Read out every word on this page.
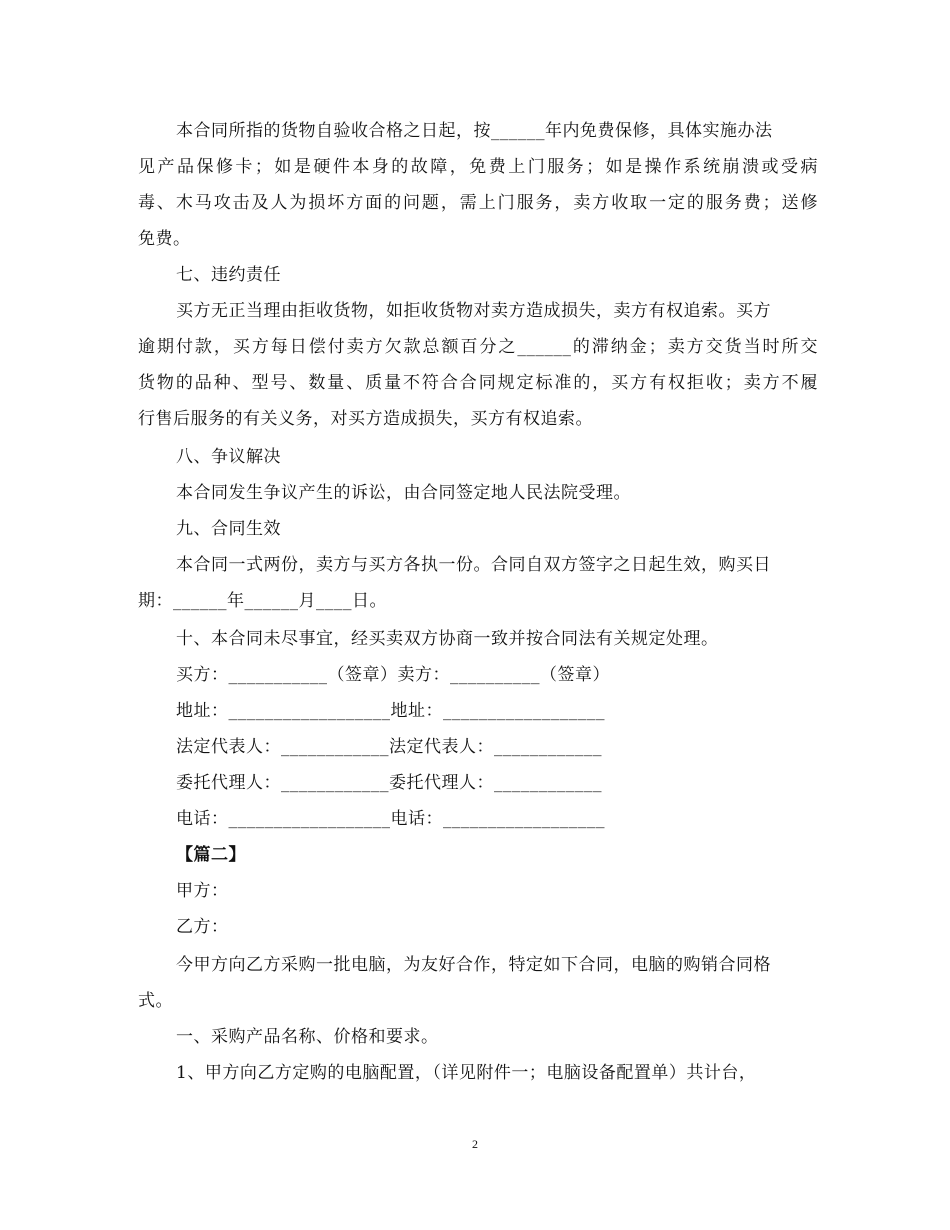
本合同所指的货物自验收合格之日起，按______年内免费保修，具体实施办法
见产品保修卡；如是硬件本身的故障，免费上门服务；如是操作系统崩溃或受病
毒、木马攻击及人为损坏方面的问题，需上门服务，卖方收取一定的服务费；送修
免费。
七、违约责任
买方无正当理由拒收货物，如拒收货物对卖方造成损失，卖方有权追索。买方
逾期付款，买方每日偿付卖方欠款总额百分之______的滞纳金；卖方交货当时所交
货物的品种、型号、数量、质量不符合合同规定标准的，买方有权拒收；卖方不履
行售后服务的有关义务，对买方造成损失，买方有权追索。
八、争议解决
本合同发生争议产生的诉讼，由合同签定地人民法院受理。
九、合同生效
本合同一式两份，卖方与买方各执一份。合同自双方签字之日起生效，购买日
期：______年______月____日。
十、本合同未尽事宜，经买卖双方协商一致并按合同法有关规定处理。
买方：___________（签章）卖方：__________（签章）
地址：__________________地址：__________________
法定代表人：____________法定代表人：____________
委托代理人：____________委托代理人：____________
电话：__________________电话：__________________
【篇二】
甲方：
乙方：
今甲方向乙方采购一批电脑，为友好合作，特定如下合同，电脑的购销合同格
式。
一、采购产品名称、价格和要求。
1、甲方向乙方定购的电脑配置，（详见附件一；电脑设备配置单）共计台，
2
